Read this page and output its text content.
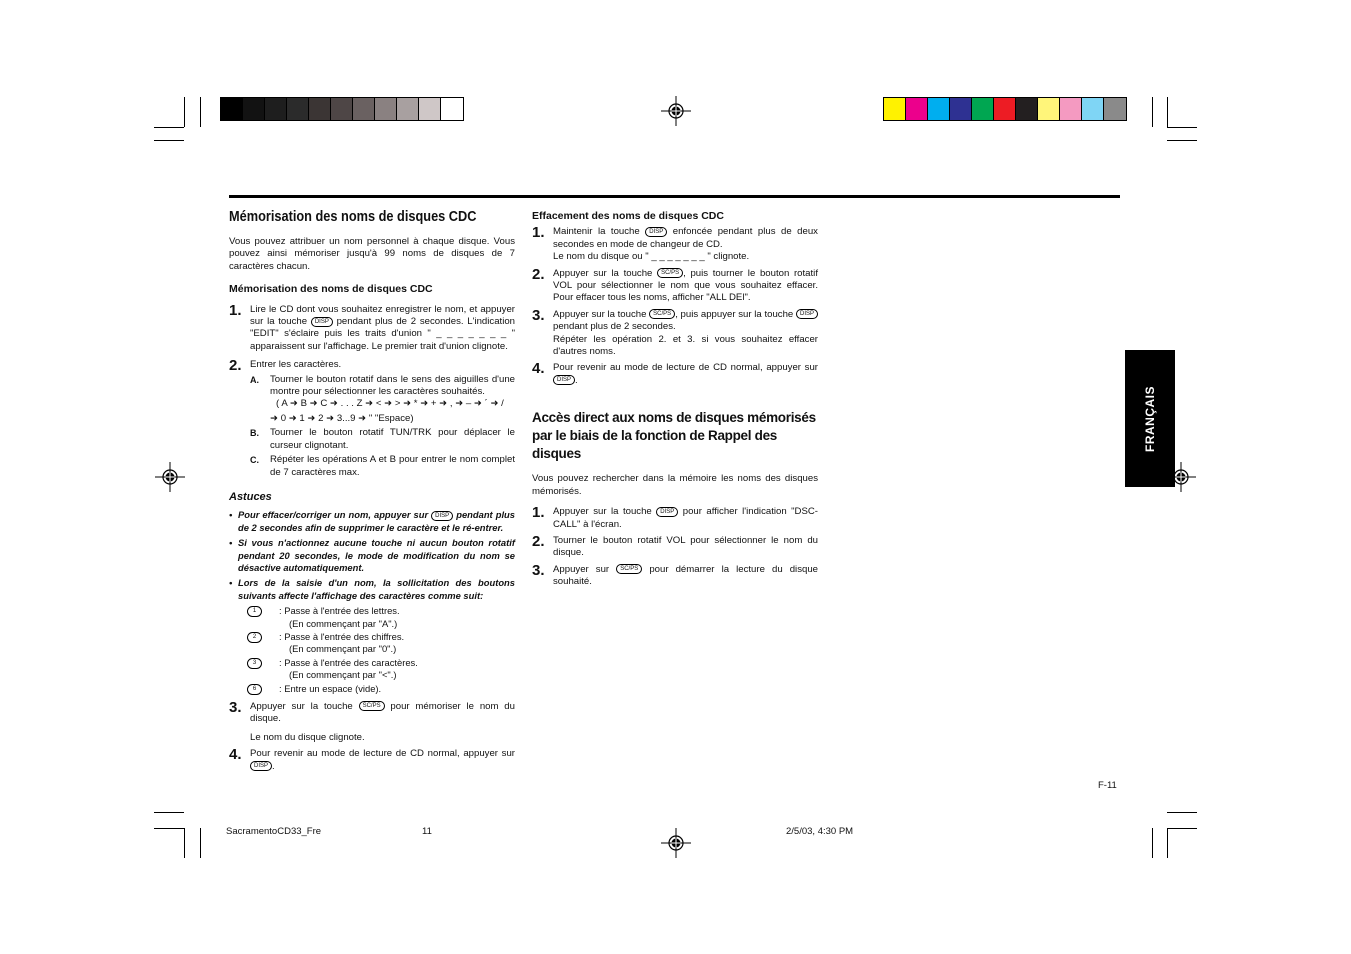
Mémorisation des noms de disques CDC

Vous pouvez attribuer un nom personnel à chaque disque. Vous pouvez ainsi mémoriser jusqu'à 99 noms de disques de 7 caractères chacun.

Mémorisation des noms de disques CDC
1. Lire le CD dont vous souhaitez enregistrer le nom, et appuyer sur la touche DISP pendant plus de 2 secondes. L'indication "EDIT" s'éclaire puis les traits d'union " _ _ _ _ _ _ _ " apparaissent sur l'affichage. Le premier trait d'union clignote.
2. Entrer les caractères.
A.	Tourner le bouton rotatif dans le sens des aiguilles d'une montre pour sélectionner les caractères souhaités.
( A ➜ B ➜ C ➜ . . . Z ➜ < ➜ > ➜ * ➜ + ➜ , ➜ – ➜ ´ ➜ /
➜ 0 ➜ 1 ➜ 2 ➜ 3...9 ➜ " "Espace)
B.	Tourner le bouton rotatif TUN/TRK pour déplacer le curseur clignotant.
C.	Répéter les opérations A et B pour entrer le nom complet de 7 caractères max.
Astuces
• Pour effacer/corriger un nom, appuyer sur DISP pendant plus de 2 secondes afin de supprimer le caractère et le ré-entrer.
• Si vous n'actionnez aucune touche ni aucun bouton rotatif pendant 20 secondes, le mode de modification du nom se désactive automatiquement.
• Lors de la saisie d'un nom, la sollicitation des boutons suivants affecte l'affichage des caractères comme suit:
1	: Passe à l'entrée des lettres.
(En commençant par "A".)
2	: Passe à l'entrée des chiffres.
(En commençant par "0".)
3	: Passe à l'entrée des caractères.
(En commençant par "<".)
6	: Entre un espace (vide).
3. Appuyer sur la touche SC/PS pour mémoriser le nom du disque.
Le nom du disque clignote.
4. Pour revenir au mode de lecture de CD normal, appuyer sur DISP .
Effacement des noms de disques CDC
1. Maintenir la touche DISP enfoncée pendant plus de deux secondes en mode de changeur de CD.
Le nom du disque ou " _ _ _ _ _ _ _ " clignote.
2. Appuyer sur la touche SC/PS , puis tourner le bouton rotatif VOL pour sélectionner le nom que vous souhaitez effacer. Pour effacer tous les noms, afficher "ALL DEl".
3. Appuyer sur la touche SC/PS , puis appuyer sur la touche DISP pendant plus de 2 secondes.
Répéter les opération 2. et 3. si vous souhaitez effacer d'autres noms.
4. Pour revenir au mode de lecture de CD normal, appuyer sur DISP .
Accès direct aux noms de disques mémorisés par le biais de la fonction de Rappel des disques

Vous pouvez rechercher dans la mémoire les noms des disques mémorisés.

1. Appuyer sur la touche DISP pour afficher l'indication "DSC-CALL" à l'écran.
2. Tourner le bouton rotatif VOL pour sélectionner le nom du disque.
3. Appuyer sur SC/PS pour démarrer la lecture du disque souhaité.
FRANÇAIS
F-11
SacramentoCD33_Fre	11	2/5/03, 4:30 PM
